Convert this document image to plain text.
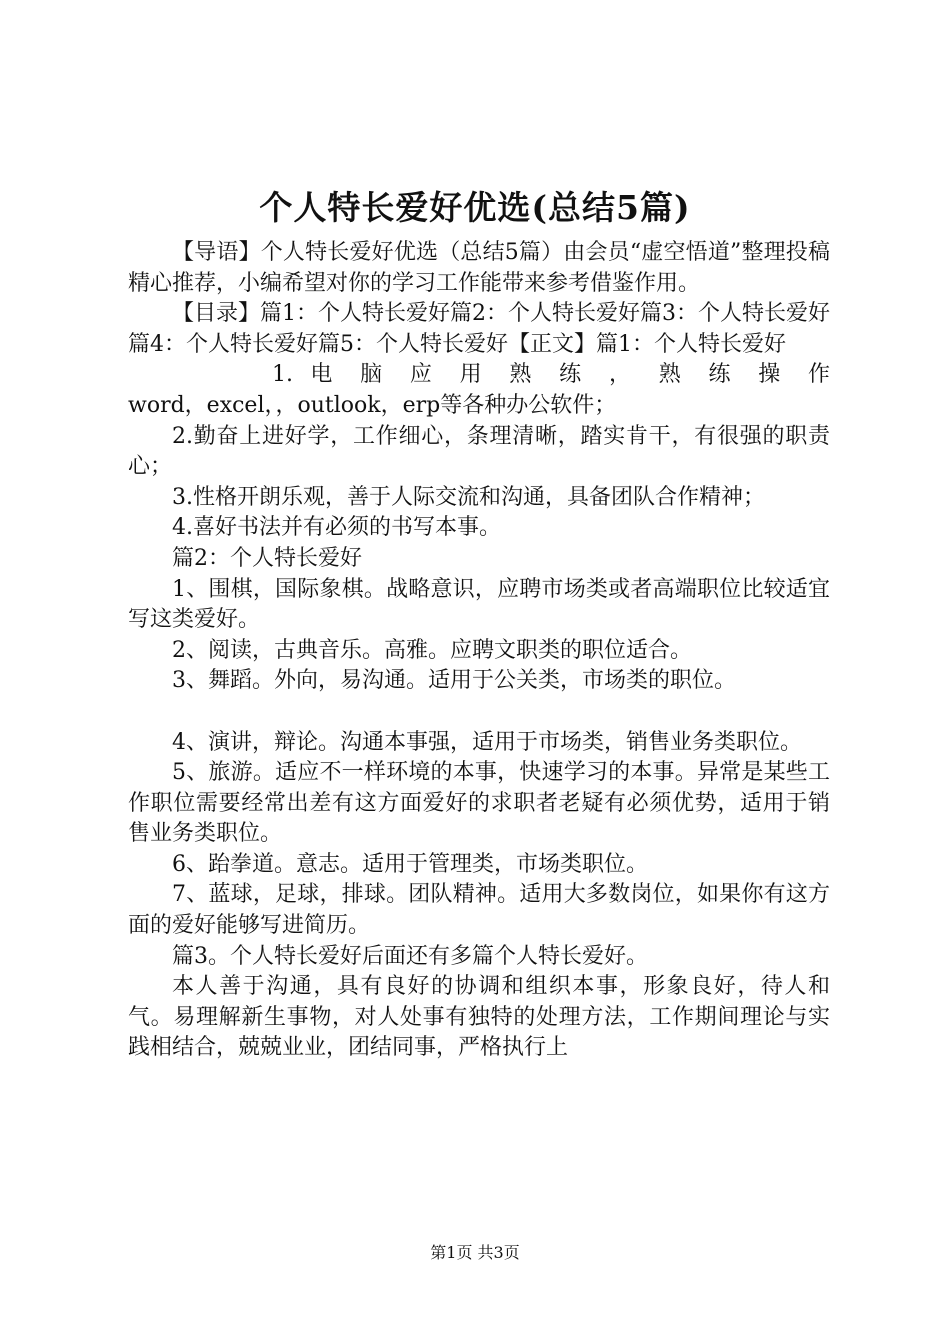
个人特长爱好优选(总结5篇)

【导语】个人特长爱好优选（总结5篇）由会员“虚空悟道”整理投稿精心推荐，小编希望对你的学习工作能带来参考借鉴作用。

【目录】篇1：个人特长爱好篇2：个人特长爱好篇3：个人特长爱好篇4：个人特长爱好篇5：个人特长爱好【正文】篇1：个人特长爱好

1. 电 脑 应 用 熟 练 ， 熟 练 操 作

word，excel，，outlook，erp等各种办公软件；

2.勤奋上进好学，工作细心，条理清晰，踏实肯干，有很强的职责心；

3.性格开朗乐观，善于人际交流和沟通，具备团队合作精神；

4.喜好书法并有必须的书写本事。

篇2：个人特长爱好

1、围棋，国际象棋。战略意识，应聘市场类或者高端职位比较适宜写这类爱好。

2、阅读，古典音乐。高雅。应聘文职类的职位适合。

3、舞蹈。外向，易沟通。适用于公关类，市场类的职位。

4、演讲，辩论。沟通本事强，适用于市场类，销售业务类职位。

5、旅游。适应不一样环境的本事，快速学习的本事。异常是某些工作职位需要经常出差有这方面爱好的求职者老疑有必须优势，适用于销售业务类职位。

6、跆拳道。意志。适用于管理类，市场类职位。

7、蓝球，足球，排球。团队精神。适用大多数岗位，如果你有这方面的爱好能够写进简历。

篇3。个人特长爱好后面还有多篇个人特长爱好。

本人善于沟通，具有良好的协调和组织本事，形象良好，待人和气。易理解新生事物，对人处事有独特的处理方法，工作期间理论与实践相结合，兢兢业业，团结同事，严格执行上

第1页 共3页
